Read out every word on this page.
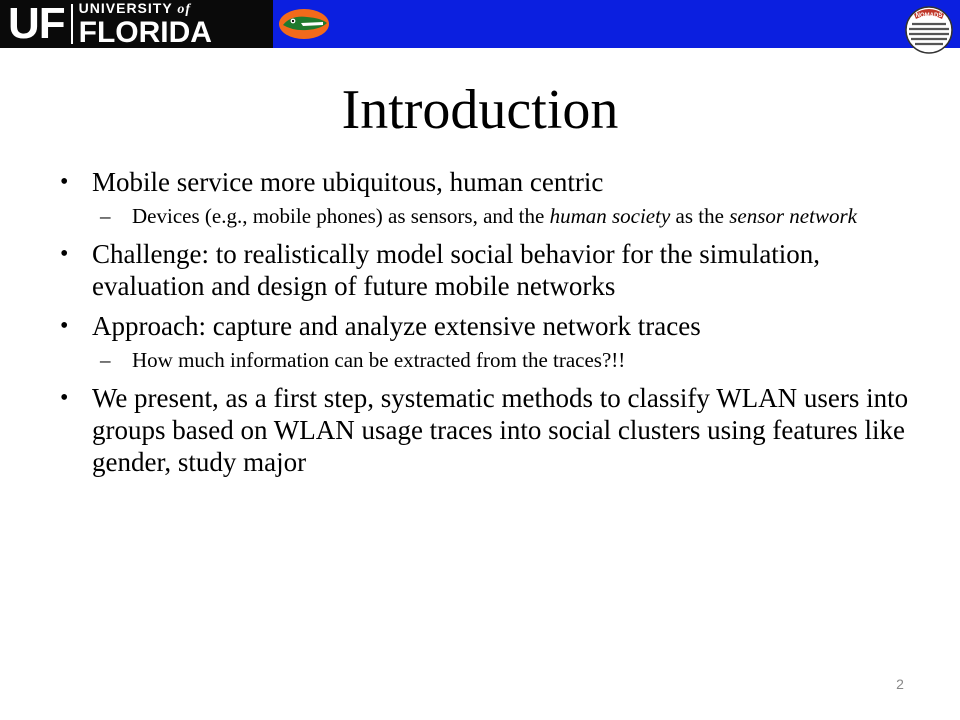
UF UNIVERSITY of
FLORIDA	NOMADS
Introduction
• Mobile service more ubiquitous, human centric
– Devices (e.g., mobile phones) as sensors, and the human society as the sensor network
• Challenge: to realistically model social behavior for the simulation, evaluation and design of future mobile networks
• Approach: capture and analyze extensive network traces
– How much information can be extracted from the traces?!!
• We present, as a first step, systematic methods to classify WLAN users into groups based on WLAN usage traces into social clusters using features like gender, study major
2
